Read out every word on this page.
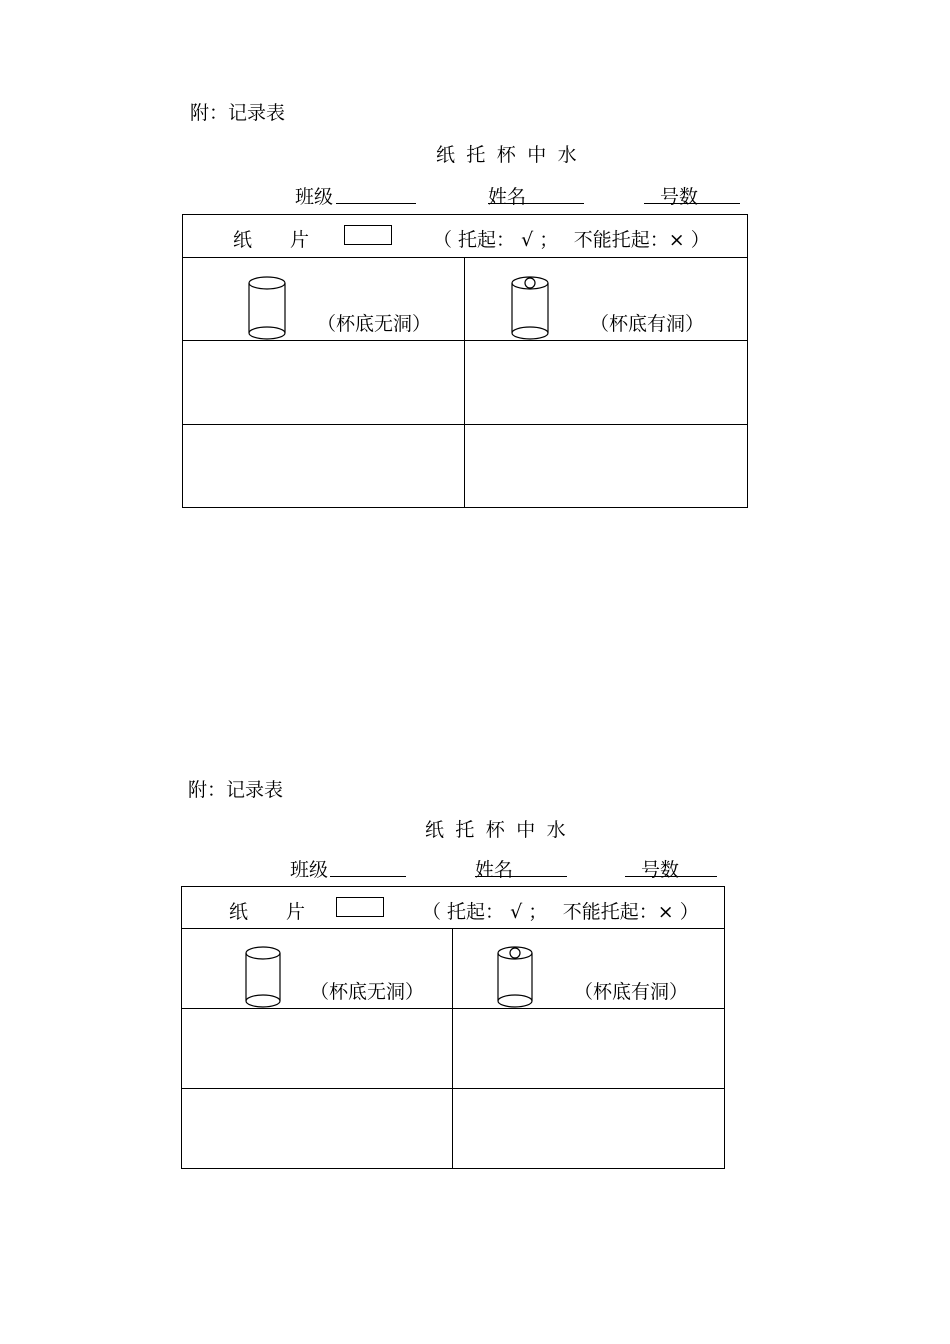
附：记录表
纸托杯中水
班级	姓名	号数
纸　　片	（ 托起： √ ；　 不能托起：× ）
（杯底无洞）	（杯底有洞）
附：记录表
纸托杯中水
班级	姓名	号数
纸　　片	（ 托起： √ ；　 不能托起：× ）
（杯底无洞）	（杯底有洞）
